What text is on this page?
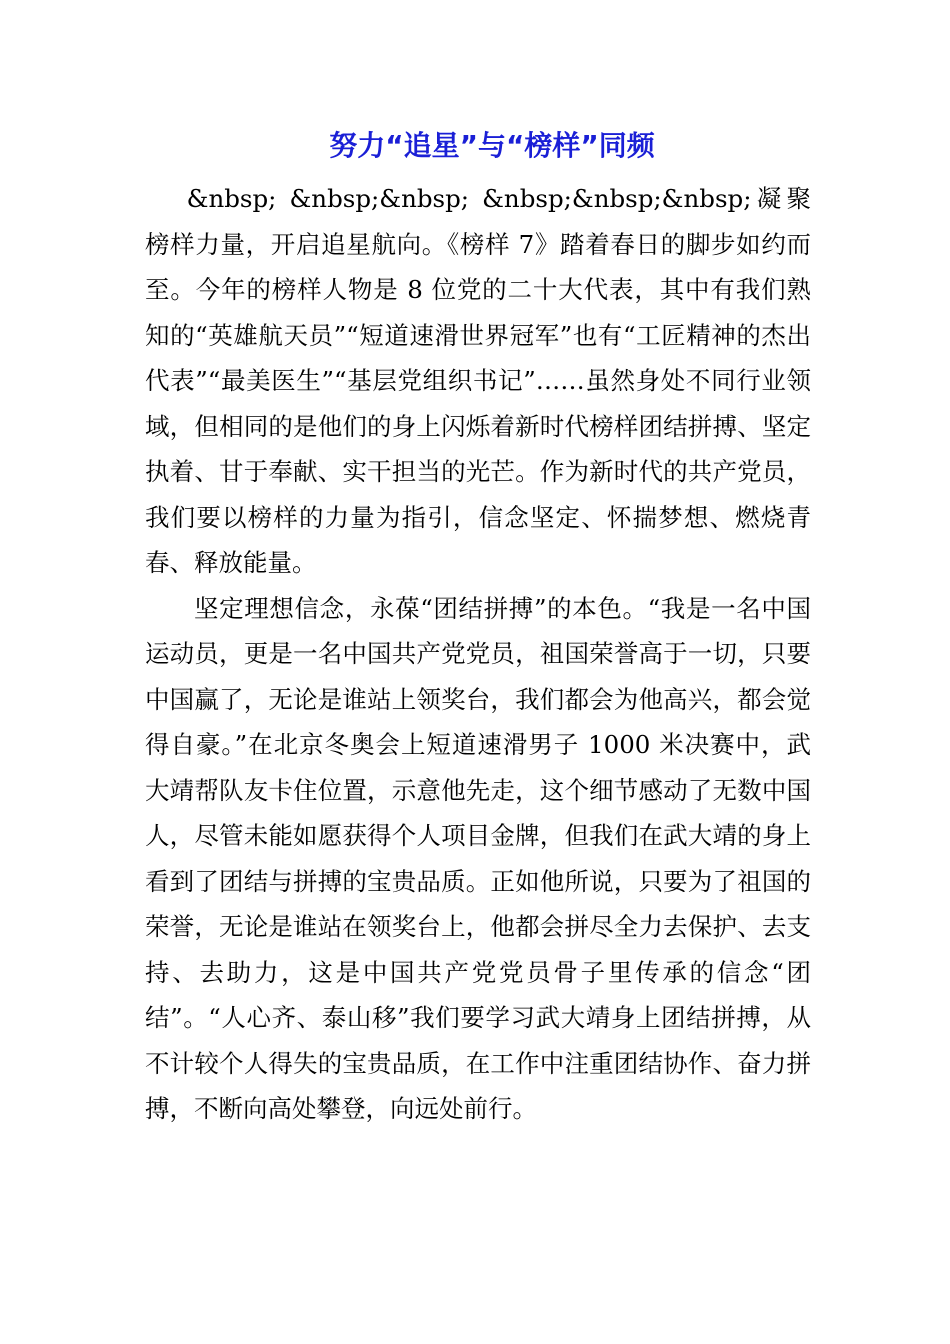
努力“追星”与“榜样”同频

&nbsp; &nbsp;&nbsp; &nbsp;&nbsp;&nbsp;凝聚榜样力量，开启追星航向。《榜样 7》踏着春日的脚步如约而至。今年的榜样人物是 8 位党的二十大代表，其中有我们熟知的“英雄航天员”“短道速滑世界冠军”也有“工匠精神的杰出代表”“最美医生”“基层党组织书记”……虽然身处不同行业领域，但相同的是他们的身上闪烁着新时代榜样团结拼搏、坚定执着、甘于奉献、实干担当的光芒。作为新时代的共产党员，我们要以榜样的力量为指引，信念坚定、怀揣梦想、燃烧青春、释放能量。

坚定理想信念，永葆“团结拼搏”的本色。“我是一名中国运动员，更是一名中国共产党党员，祖国荣誉高于一切，只要中国赢了，无论是谁站上领奖台，我们都会为他高兴，都会觉得自豪。”在北京冬奥会上短道速滑男子 1000 米决赛中，武大靖帮队友卡住位置，示意他先走，这个细节感动了无数中国人，尽管未能如愿获得个人项目金牌，但我们在武大靖的身上看到了团结与拼搏的宝贵品质。正如他所说，只要为了祖国的荣誉，无论是谁站在领奖台上，他都会拼尽全力去保护、去支持、去助力，这是中国共产党党员骨子里传承的信念“团结”。“人心齐、泰山移”我们要学习武大靖身上团结拼搏，从不计较个人得失的宝贵品质，在工作中注重团结协作、奋力拼搏，不断向高处攀登，向远处前行。
